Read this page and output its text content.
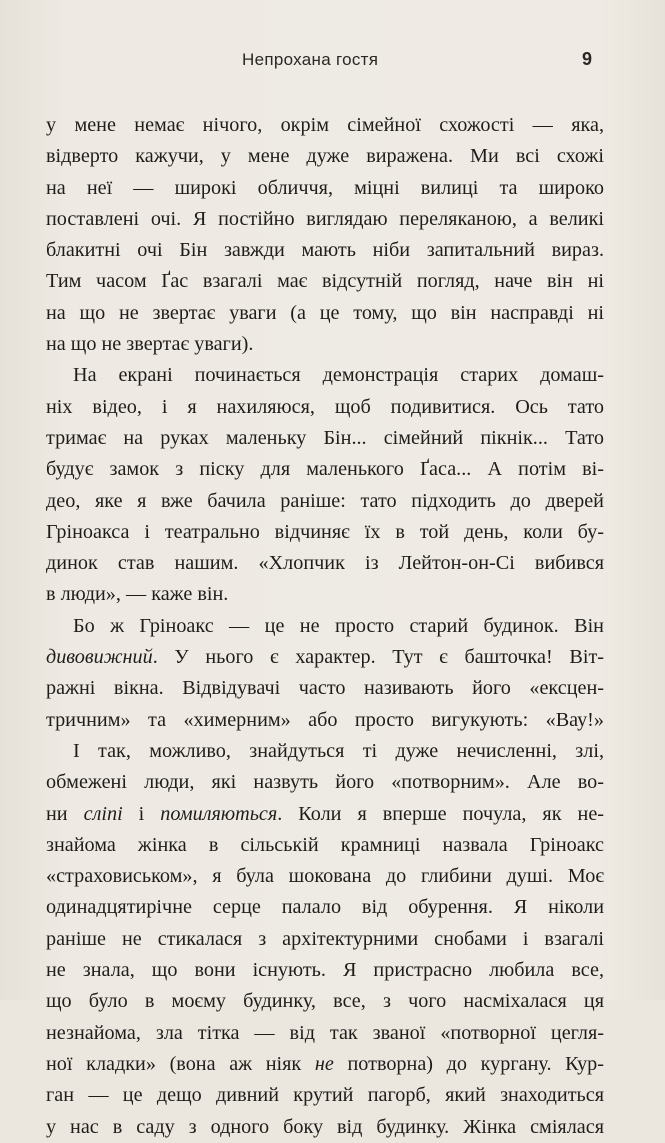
Непрохана гостя	9
у мене немає нічого, окрім сімейної схожості — яка,
відверто кажучи, у мене дуже виражена. Ми всі схожі
на неї — широкі обличчя, міцні вилиці та широко
поставлені очі. Я постійно виглядаю переляканою, а великі
блакитні очі Бін завжди мають ніби запитальний вираз.
Тим часом Ґас взагалі має відсутній погляд, наче він ні
на що не звертає уваги (а це тому, що він насправді ні
на що не звертає уваги).
На екрані починається демонстрація старих домаш-
ніх відео, і я нахиляюся, щоб подивитися. Ось тато
тримає на руках маленьку Бін... сімейний пікнік... Тато
будує замок з піску для маленького Ґаса... А потім ві-
део, яке я вже бачила раніше: тато підходить до дверей
Гріноакса і театрально відчиняє їх в той день, коли бу-
динок став нашим. «Хлопчик із Лейтон-он-Сі вибився
в люди», — каже він.
Бо ж Гріноакс — це не просто старий будинок. Він
дивовижний. У нього є характер. Тут є башточка! Віт-
ражні вікна. Відвідувачі часто називають його «ексцен-
тричним» та «химерним» або просто вигукують: «Вау!»
І так, можливо, знайдуться ті дуже нечисленні, злі,
обмежені люди, які назвуть його «потворним». Але во-
ни сліпі і помиляються. Коли я вперше почула, як не-
знайома жінка в сільській крамниці назвала Гріноакс
«страховиськом», я була шокована до глибини душі. Моє
одинадцятирічне серце палало від обурення. Я ніколи
раніше не стикалася з архітектурними снобами і взагалі
не знала, що вони існують. Я пристрасно любила все,
що було в моєму будинку, все, з чого насміхалася ця
незнайома, зла тітка — від так званої «потворної цегля-
ної кладки» (вона аж ніяк не потворна) до кургану. Кур-
ган — це дещо дивний крутий пагорб, який знаходиться
у нас в саду з одного боку від будинку. Жінка сміялася
